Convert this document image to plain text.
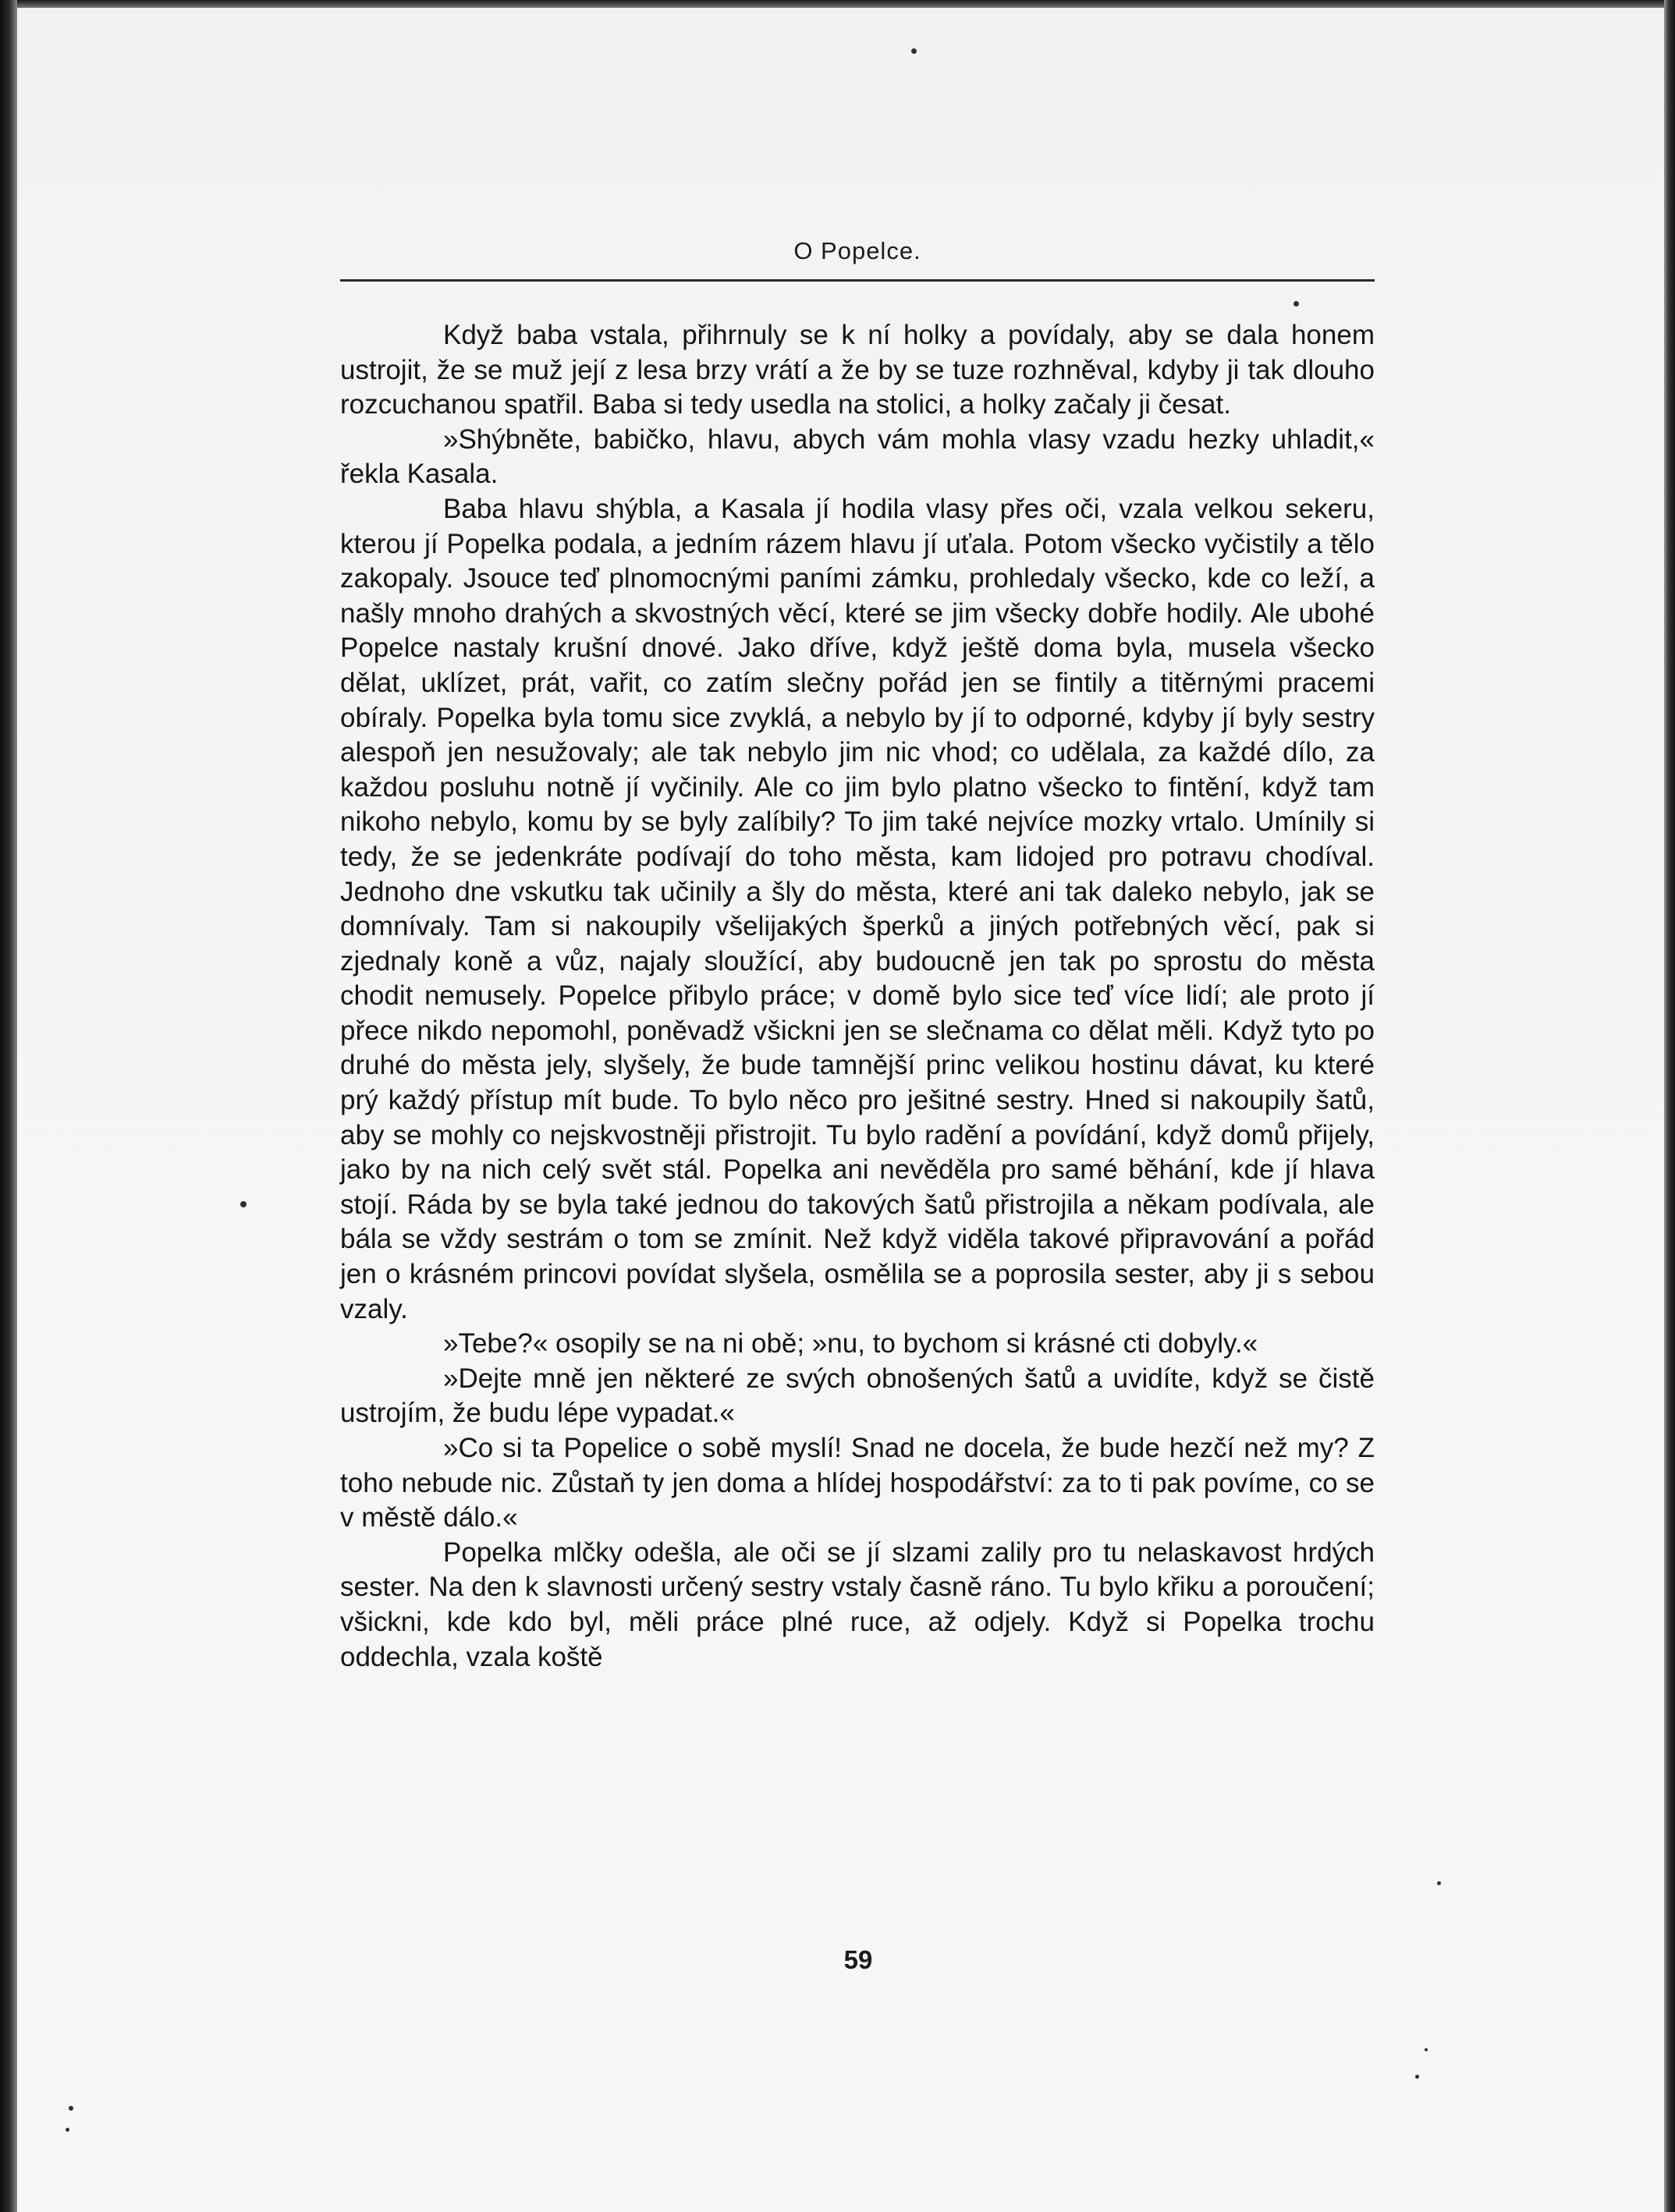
O Popelce.

Když baba vstala, přihrnuly se k ní holky a povídaly, aby se dala honem ustrojit, že se muž její z lesa brzy vrátí a že by se tuze rozhněval, kdyby ji tak dlouho rozcuchanou spatřil. Baba si tedy usedla na stolici, a holky začaly ji česat.

»Shýbněte, babičko, hlavu, abych vám mohla vlasy vzadu hezky uhladit,« řekla Kasala.

Baba hlavu shýbla, a Kasala jí hodila vlasy přes oči, vzala velkou sekeru, kterou jí Popelka podala, a jedním rázem hlavu jí uťala. Potom všecko vyčistily a tělo zakopaly. Jsouce teď plnomocnými paními zámku, prohledaly všecko, kde co leží, a našly mnoho drahých a skvostných věcí, které se jim všecky dobře hodily. Ale ubohé Popelce nastaly krušní dnové. Jako dříve, když ještě doma byla, musela všecko dělat, uklízet, prát, vařit, co zatím slečny pořád jen se fintily a titěrnými pracemi obíraly. Popelka byla tomu sice zvyklá, a nebylo by jí to odporné, kdyby jí byly sestry alespoň jen nesužovaly; ale tak nebylo jim nic vhod; co udělala, za každé dílo, za každou posluhu notně jí vyčinily. Ale co jim bylo platno všecko to fintění, když tam nikoho nebylo, komu by se byly zalíbily? To jim také nejvíce mozky vrtalo. Umínily si tedy, že se jedenkráte podívají do toho města, kam lidojed pro potravu chodíval. Jednoho dne vskutku tak učinily a šly do města, které ani tak daleko nebylo, jak se domnívaly. Tam si nakoupily všelijakých šperků a jiných potřebných věcí, pak si zjednaly koně a vůz, najaly sloužící, aby budoucně jen tak po sprostu do města chodit nemusely. Popelce přibylo práce; v domě bylo sice teď více lidí; ale proto jí přece nikdo nepomohl, poněvadž všickni jen se slečnama co dělat měli. Když tyto po druhé do města jely, slyšely, že bude tamnější princ velikou hostinu dávat, ku které prý každý přístup mít bude. To bylo něco pro ješitné sestry. Hned si nakoupily šatů, aby se mohly co nejskvostněji přistrojit. Tu bylo radění a povídání, když domů přijely, jako by na nich celý svět stál. Popelka ani nevěděla pro samé běhání, kde jí hlava stojí. Ráda by se byla také jednou do takových šatů přistrojila a někam podívala, ale bála se vždy sestrám o tom se zmínit. Než když viděla takové připravování a pořád jen o krásném princovi povídat slyšela, osmělila se a poprosila sester, aby ji s sebou vzaly.

»Tebe?« osopily se na ni obě; »nu, to bychom si krásné cti dobyly.«

»Dejte mně jen některé ze svých obnošených šatů a uvidíte, když se čistě ustrojím, že budu lépe vypadat.«

»Co si ta Popelice o sobě myslí! Snad ne docela, že bude hezčí než my? Z toho nebude nic. Zůstaň ty jen doma a hlídej hospodářství: za to ti pak povíme, co se v městě dálo.«

Popelka mlčky odešla, ale oči se jí slzami zalily pro tu nelaskavost hrdých sester. Na den k slavnosti určený sestry vstaly časně ráno. Tu bylo křiku a poroučení; všickni, kde kdo byl, měli práce plné ruce, až odjely. Když si Popelka trochu oddechla, vzala koště

59
